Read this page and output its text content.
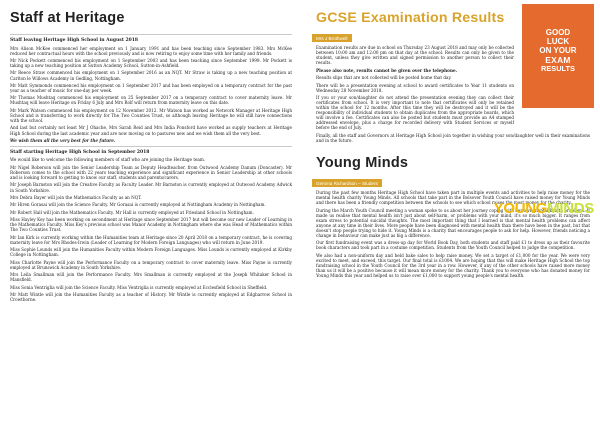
Staff at Heritage
Staff leaving Heritage High School in August 2018
Mrs Alison McKee commenced her employment on 1 January 1991 and has been teaching since September 1983. Mrs McKee reduced her contractual hours with the school previously and is now retiring to enjoy some time with her family and friends.
Mr Nick Peckett commenced his employment on 1 September 2003 and has been teaching since September 1999. Mr Peckett is taking up a new teaching position at Sutton Academy School, Sutton-in-Ashfield.
Mr Reece Straw commenced his employment on 1 September 2016 as an NQT. Mr Straw is taking up a new teaching position at Carlton le Willows Academy in Gedling, Nottingham.
Mr Matt Symmonds commenced his employment on 1 September 2017 and has been employed on a temporary contract for the past year as a teacher of music for one-day per week.
Mr Thomas Mushtaq commenced his employment on 25 September 2017 on a temporary contract to cover maternity leave. Mr Mushtaq will leave Heritage on Friday 6 July and Mrs Rolf will return from maternity leave on this date.
Mr Mark Watson commenced his employment on 12 November 2012. Mr Watson has worked as Network Manager at Heritage High School and is transferring to work directly for The Two Counties Trust, so although leaving Heritage he will still have connections with the school.
And last but certainly not least Mr J Ohache, Mrs Sarah Reid and Mrs India Ponsford have worked as supply teachers at Heritage High School during the last academic year and are now moving on to pastures new and we wish them all the very best.
We wish them all the very best for the future.
Staff starting Heritage High School in September 2018
We would like to welcome the following members of staff who are joining the Heritage team.
Mr Nigel Roberson will join the Senior Leadership Team as Deputy Headteacher, from Outwood Academy Danum (Doncaster). Mr Roberson comes to the school with 22 years teaching experience and significant experience in Senior Leadership at other schools and is looking forward to getting to know our staff, students and parents/carers.
Mr Joseph Barnston will join the Creative Faculty as Faculty Leader. Mr Barnston is currently employed at Outwood Academy Adwick in South Yorkshire.
Mrs Debra Bayer will join the Mathematics Faculty as an NQT.
Mr Hiren Gorasai will join the Science Faculty. Mr Gorasai is currently employed at Nottingham Academy in Nottingham.
Mr Robert Hall will join the Mathematics Faculty. Mr Hall is currently employed at Friesland School in Nottingham.
Miss Hayley Key has been working on secondment at Heritage since September 2017 but will become our new Leader of Learning in the Mathematics Faculty. Miss Key's previous school was Manor Academy in Nottingham where she was Head of Mathematics within The Two Counties Trust.
Mr Ian Kirk is currently working within the Humanities team at Heritage since 20 April 2018 on a temporary contract, he is covering maternity leave for Mrs Rhodes-Irwin (Leader of Learning for Modern Foreign Languages) who will return in June 2019.
Miss Sophie Lounds will join the Humanities Faculty within Modern Foreign Languages. Miss Lounds is currently employed at Kirkby College in Nottingham.
Miss Charlotte Payne will join the Performance Faculty on a temporary contract to cover maternity leave. Miss Payne is currently employed at Brunswick Academy in South Yorkshire.
Mrs Leila Smallman will join the Performance Faculty. Mrs Smallman is currently employed at the Joseph Whitaker School in Mansfield.
Miss Sonia Ventriglia will join the Science Faculty. Miss Ventriglia is currently employed at Ecclesfield School in Sheffield.
Mr Matt Wintle will join the Humanities Faculty as a teacher of History. Mr Wintle is currently employed at Edgbarrow School in Crowthorne.
GCSE Examination Results
Mrs J Brothwell
GOOD
LUCK
ON YOUR
EXAM
RESULTS
Examination results are due in school on Thursday 23 August 2018 and may only be collected between 10:00 am and 12:00 pm on that day at the school. Results can only be given to the student, unless they give written and signed permission to another person to collect their results.
Please also note, results cannot be given over the telephone.
Results slips that are not collected will be posted home that day.
There will be a presentation evening at school to award certificates to Year 11 students on Wednesday 28 November 2018.
If you or your son/daughter do not attend the presentation evening they can collect their certificates from school. It is very important to note that certificates will only be retained within the school for 12 months. After this time they will be destroyed and it will be the responsibility of individual students to obtain duplicates from the appropriate boards, which will involve a fee. Certificates can also be posted but students must provide an A4 stamped addressed envelope, plus a charge for recorded delivery with Student Services or myself before the end of July.
Finally, all the staff and Governors at Heritage High School join together in wishing your son/daughter well in their examinations and in the future.
Young Minds
Gemma Richardson – Student
During the past few months Heritage High School have taken part in multiple events and activities to help raise money for the mental health charity Young Minds. All schools that take part in the Bolsover Youth Council have raised money for Young Minds and there has been a friendly competition between the schools to see which school raises the most money for the charity.
During the March Youth Council meeting a woman spoke to us about her journey coping with her own mental health problems. It made us realise that mental health isn't just about self-harm, or problems with your mind, it's so much bigger. It ranges from exam stress to potential suicidal thoughts. The most important thing that I learned is that mental health problems can affect anyone at any time in their lives. More people have been diagnosed with mental health than there have been in the past, but that doesn't stop people trying to hide it. Young Minds is a charity that encourages people to ask for help. However, friends noticing a change in behaviour can make just as big a difference.
Our first fundraising event was a dress-up day for World Book Day, both students and staff paid £1 to dress up as their favourite book characters and took part in a costume competition. Students from the Youth Council helped to judge the competition.
We also had a non-uniform day and held bake sales to help raise money. We set a target of £1,000 for the year. We were very excited to meet, and exceed, this target. Our final total is £1004. We are hoping that this will make Heritage High School the top fundraising school in the Youth Council for the 3rd year in a row. However, if any of the other schools have raised more money than us it will be a positive because it will mean more money for the charity. Thank you to everyone who has donated money for Young Minds this year and helped us to raise over £1,000 to support young people's mental health.
YOUNGMINDS
